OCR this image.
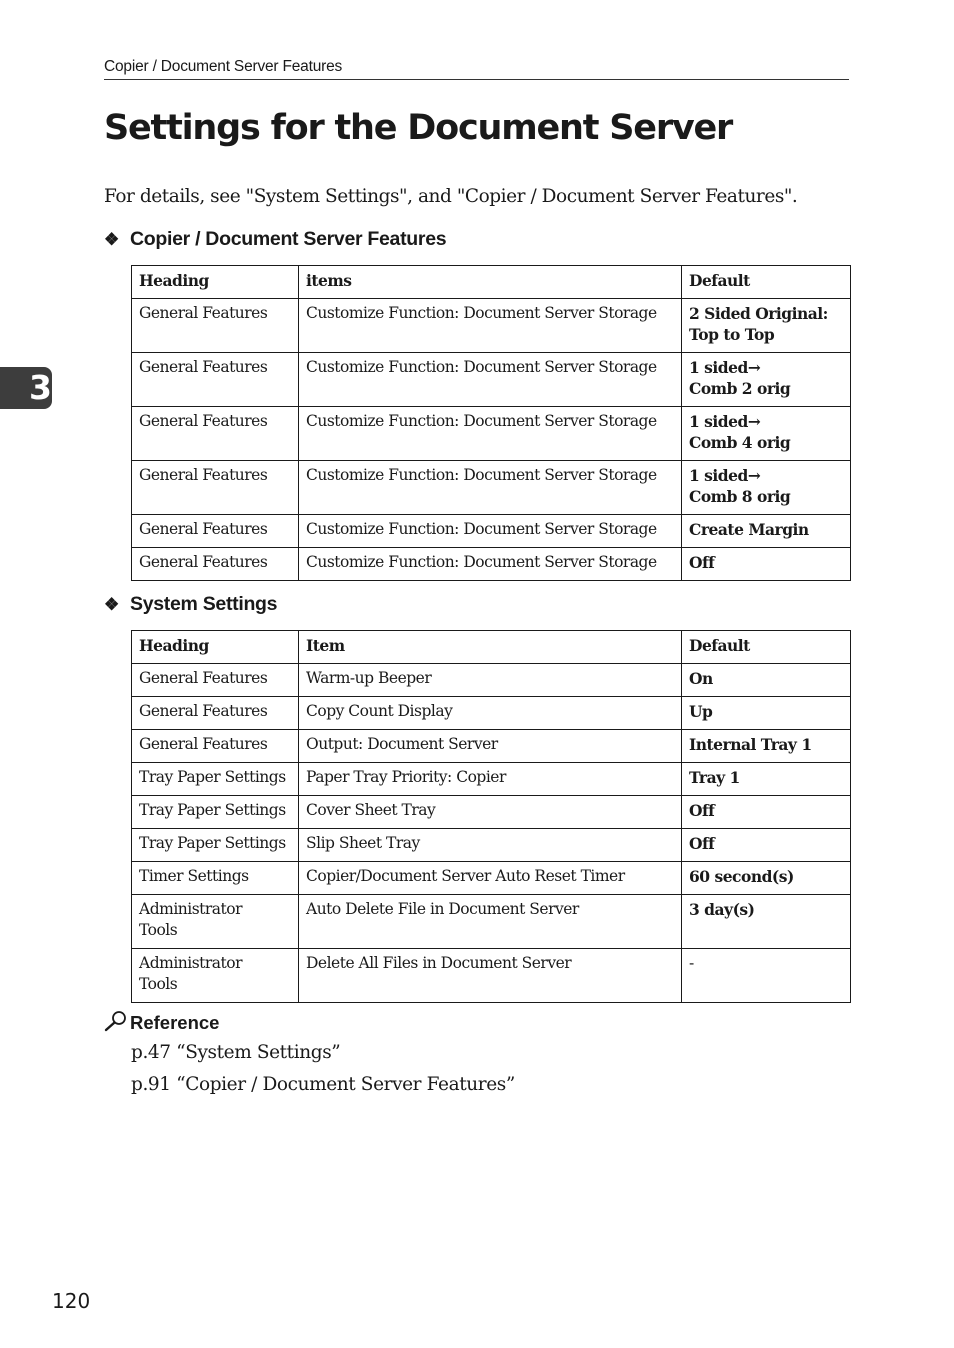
Copier / Document Server Features
Settings for the Document Server
For details, see "System Settings", and "Copier / Document Server Features".
3
❖ Copier / Document Server Features
Heading	items	Default
General Features	Customize Function: Document Server Storage	2 Sided Original:
Top to Top
General Features	Customize Function: Document Server Storage	1 sided→
Comb 2 orig
General Features	Customize Function: Document Server Storage	1 sided→
Comb 4 orig
General Features	Customize Function: Document Server Storage	1 sided→
Comb 8 orig
General Features	Customize Function: Document Server Storage	Create Margin
General Features	Customize Function: Document Server Storage	Off
❖ System Settings
Heading	Item	Default
General Features	Warm-up Beeper	On
General Features	Copy Count Display	Up
General Features	Output: Document Server	Internal Tray 1
Tray Paper Settings	Paper Tray Priority: Copier	Tray 1
Tray Paper Settings	Cover Sheet Tray	Off
Tray Paper Settings	Slip Sheet Tray	Off
Timer Settings	Copier/Document Server Auto Reset Timer	60 second(s)
Administrator
Tools	Auto Delete File in Document Server	3 day(s)
Administrator
Tools	Delete All Files in Document Server	-
Reference
p.47 “System Settings”
p.91 “Copier / Document Server Features”
120
